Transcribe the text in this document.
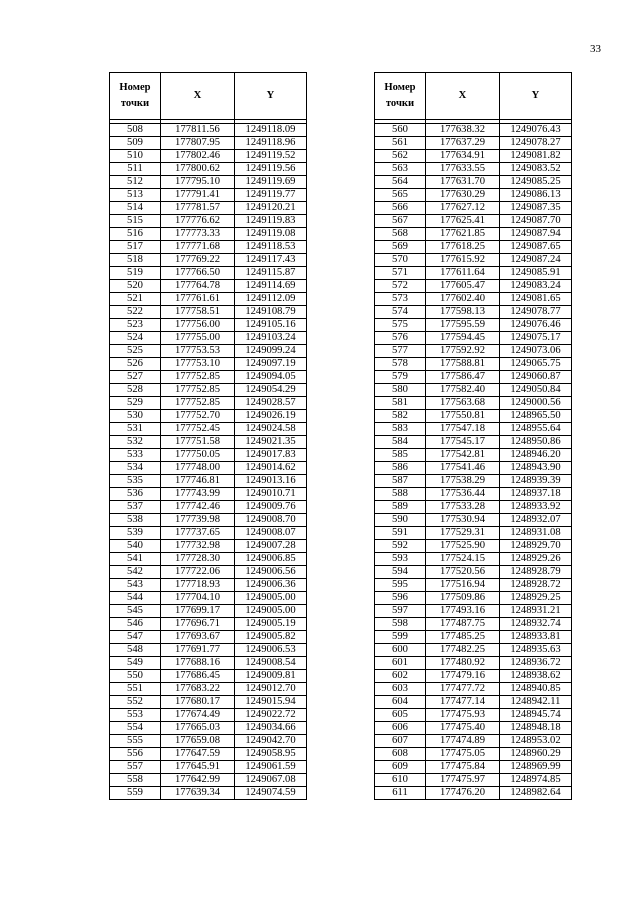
33
Номер
точки	X	Y

508	177811.56	1249118.09
509	177807.95	1249118.96
510	177802.46	1249119.52
511	177800.62	1249119.56
512	177795.10	1249119.69
513	177791.41	1249119.77
514	177781.57	1249120.21
515	177776.62	1249119.83
516	177773.33	1249119.08
517	177771.68	1249118.53
518	177769.22	1249117.43
519	177766.50	1249115.87
520	177764.78	1249114.69
521	177761.61	1249112.09
522	177758.51	1249108.79
523	177756.00	1249105.16
524	177755.00	1249103.24
525	177753.53	1249099.24
526	177753.10	1249097.19
527	177752.85	1249094.05
528	177752.85	1249054.29
529	177752.85	1249028.57
530	177752.70	1249026.19
531	177752.45	1249024.58
532	177751.58	1249021.35
533	177750.05	1249017.83
534	177748.00	1249014.62
535	177746.81	1249013.16
536	177743.99	1249010.71
537	177742.46	1249009.76
538	177739.98	1249008.70
539	177737.65	1249008.07
540	177732.98	1249007.28
541	177728.30	1249006.85
542	177722.06	1249006.56
543	177718.93	1249006.36
544	177704.10	1249005.00
545	177699.17	1249005.00
546	177696.71	1249005.19
547	177693.67	1249005.82
548	177691.77	1249006.53
549	177688.16	1249008.54
550	177686.45	1249009.81
551	177683.22	1249012.70
552	177680.17	1249015.94
553	177674.49	1249022.72
554	177665.03	1249034.66
555	177659.08	1249042.70
556	177647.59	1249058.95
557	177645.91	1249061.59
558	177642.99	1249067.08
559	177639.34	1249074.59
Номер
точки	X	Y

560	177638.32	1249076.43
561	177637.29	1249078.27
562	177634.91	1249081.82
563	177633.55	1249083.52
564	177631.70	1249085.25
565	177630.29	1249086.13
566	177627.12	1249087.35
567	177625.41	1249087.70
568	177621.85	1249087.94
569	177618.25	1249087.65
570	177615.92	1249087.24
571	177611.64	1249085.91
572	177605.47	1249083.24
573	177602.40	1249081.65
574	177598.13	1249078.77
575	177595.59	1249076.46
576	177594.45	1249075.17
577	177592.92	1249073.06
578	177588.81	1249065.75
579	177586.47	1249060.87
580	177582.40	1249050.84
581	177563.68	1249000.56
582	177550.81	1248965.50
583	177547.18	1248955.64
584	177545.17	1248950.86
585	177542.81	1248946.20
586	177541.46	1248943.90
587	177538.29	1248939.39
588	177536.44	1248937.18
589	177533.28	1248933.92
590	177530.94	1248932.07
591	177529.31	1248931.08
592	177525.90	1248929.70
593	177524.15	1248929.26
594	177520.56	1248928.79
595	177516.94	1248928.72
596	177509.86	1248929.25
597	177493.16	1248931.21
598	177487.75	1248932.74
599	177485.25	1248933.81
600	177482.25	1248935.63
601	177480.92	1248936.72
602	177479.16	1248938.62
603	177477.72	1248940.85
604	177477.14	1248942.11
605	177475.93	1248945.74
606	177475.40	1248948.18
607	177474.89	1248953.02
608	177475.05	1248960.29
609	177475.84	1248969.99
610	177475.97	1248974.85
611	177476.20	1248982.64
